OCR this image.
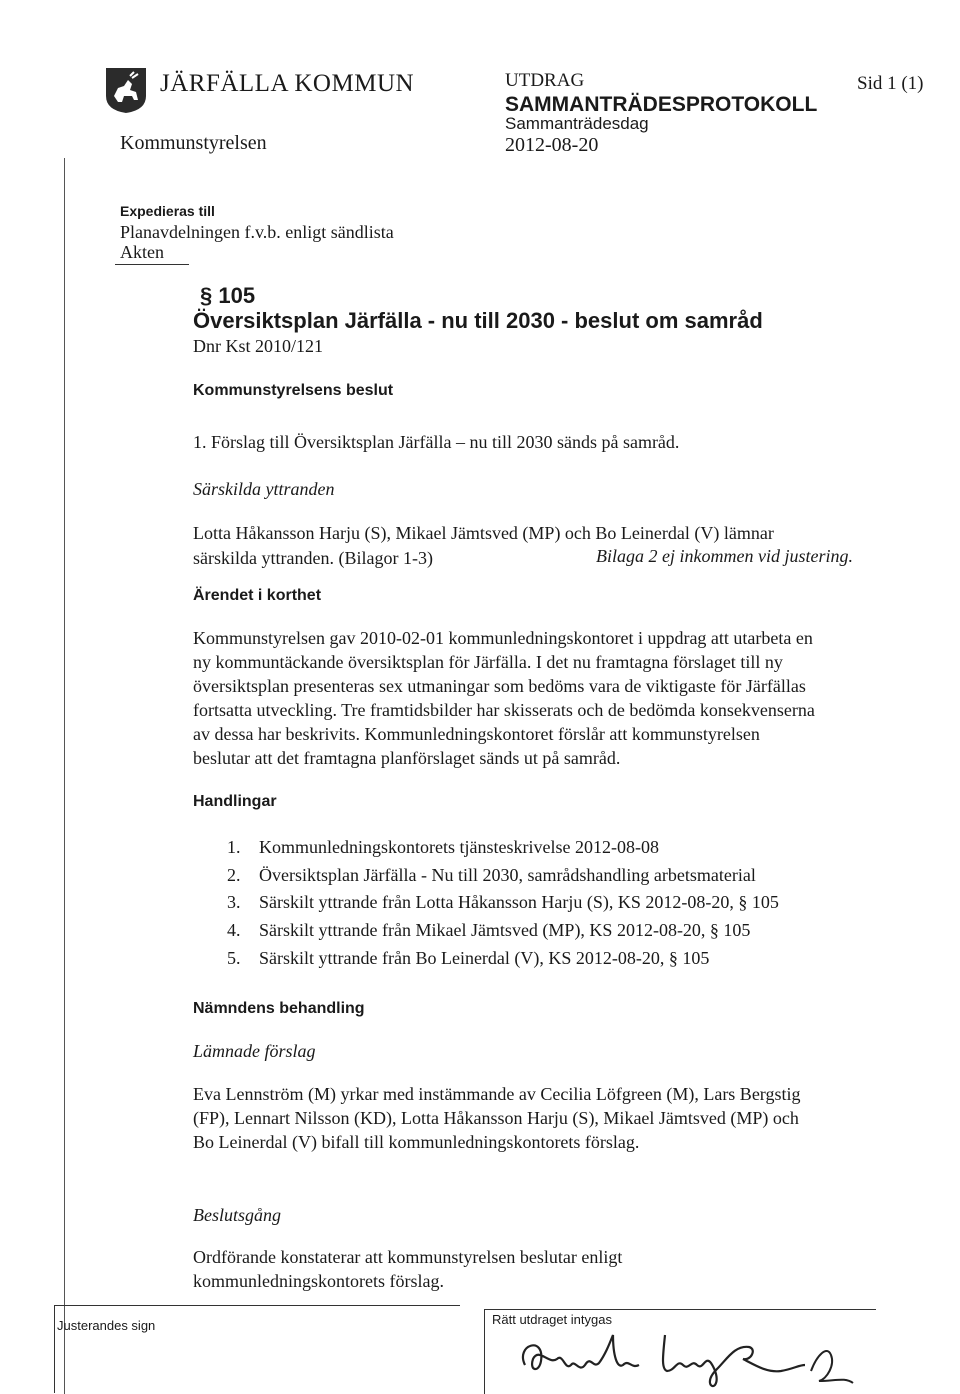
JÄRFÄLLA KOMMUN
Kommunstyrelsen
UTDRAG
SAMMANTRÄDESPROTOKOLL
Sammanträdesdag
2012-08-20
Sid 1 (1)
Expedieras till
Planavdelningen f.v.b. enligt sändlista
Akten
§ 105
Översiktsplan Järfälla - nu till 2030 - beslut om samråd
Dnr Kst 2010/121
Kommunstyrelsens beslut
1. Förslag till Översiktsplan Järfälla – nu till 2030 sänds på samråd.
Särskilda yttranden
Lotta Håkansson Harju (S), Mikael Jämtsved (MP) och Bo Leinerdal (V) lämnar
särskilda yttranden. (Bilagor 1-3)	Bilaga 2 ej inkommen vid justering.
Ärendet i korthet
Kommunstyrelsen gav 2010-02-01 kommunledningskontoret i uppdrag att utarbeta en
ny kommuntäckande översiktsplan för Järfälla. I det nu framtagna förslaget till ny
översiktsplan presenteras sex utmaningar som bedöms vara de viktigaste för Järfällas
fortsatta utveckling. Tre framtidsbilder har skisserats och de bedömda konsekvenserna
av dessa har beskrivits. Kommunledningskontoret förslår att kommunstyrelsen
beslutar att det framtagna planförslaget sänds ut på samråd.
Handlingar
1. Kommunledningskontorets tjänsteskrivelse 2012-08-08
2. Översiktsplan Järfälla - Nu till 2030, samrådshandling arbetsmaterial
3. Särskilt yttrande från Lotta Håkansson Harju (S), KS 2012-08-20, § 105
4. Särskilt yttrande från Mikael Jämtsved (MP), KS 2012-08-20, § 105
5. Särskilt yttrande från Bo Leinerdal (V), KS 2012-08-20, § 105
Nämndens behandling
Lämnade förslag
Eva Lennström (M) yrkar med instämmande av Cecilia Löfgreen (M), Lars Bergstig
(FP), Lennart Nilsson (KD), Lotta Håkansson Harju (S), Mikael Jämtsved (MP) och
Bo Leinerdal (V) bifall till kommunledningskontorets förslag.
Beslutsgång
Ordförande konstaterar att kommunstyrelsen beslutar enligt
kommunledningskontorets förslag.
Justerandes sign	Rätt utdraget intygas
